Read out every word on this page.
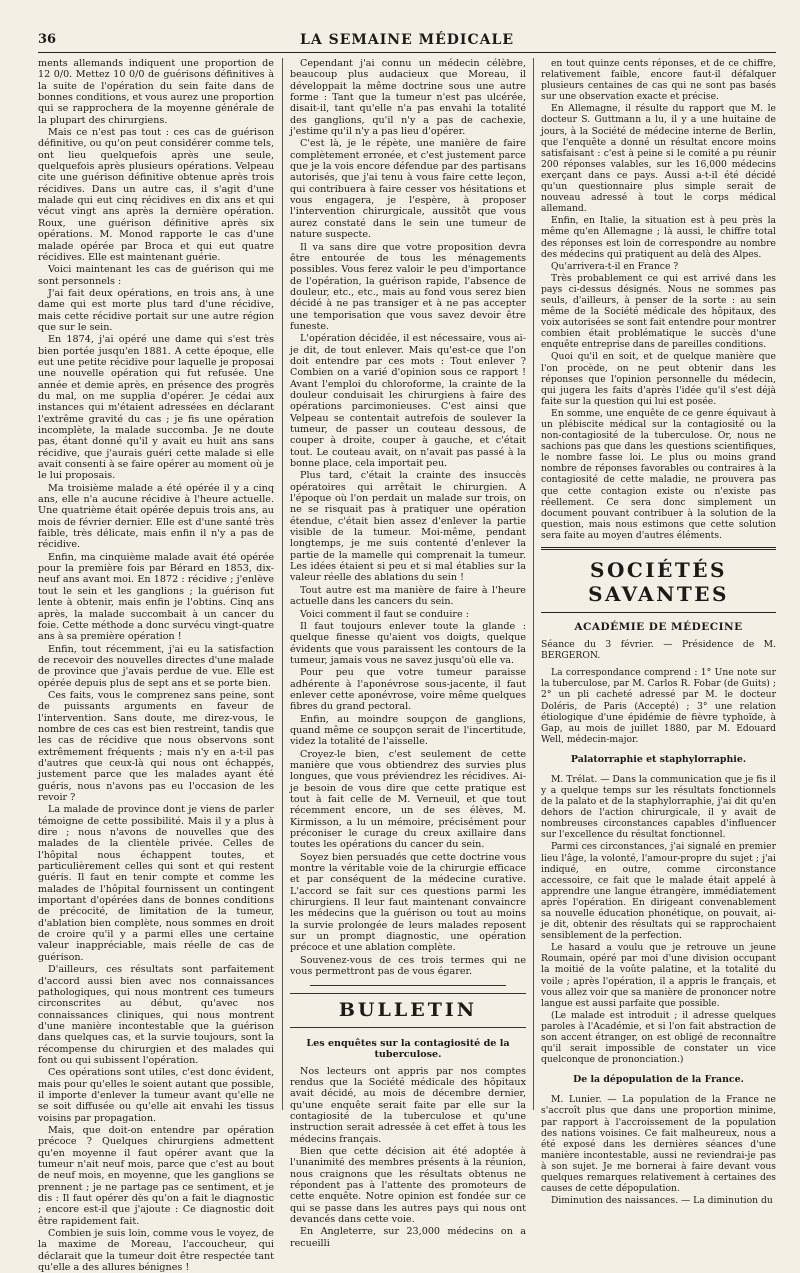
36	LA SEMAINE MÉDICALE

ments allemands indiquent une proportion de 12 0/0. Mettez 10 0/0 de guérisons définitives à la suite de l'opération du sein faite dans de bonnes conditions, et vous aurez une proportion qui se rapprochera de la moyenne générale de la plupart des chirurgiens.

Mais ce n'est pas tout : ces cas de guérison définitive, ou qu'on peut considérer comme tels, ont lieu quelquefois après une seule, quelquefois après plusieurs opérations. Velpeau cite une guérison définitive obtenue après trois récidives. Dans un autre cas, il s'agit d'une malade qui eut cinq récidives en dix ans et qui vécut vingt ans après la dernière opération. Roux, une guérison définitive après six opérations. M. Monod rapporte le cas d'une malade opérée par Broca et qui eut quatre récidives. Elle est maintenant guérie.

Voici maintenant les cas de guérison qui me sont personnels :

J'ai fait deux opérations, en trois ans, à une dame qui est morte plus tard d'une récidive, mais cette récidive portait sur une autre région que sur le sein.

En 1874, j'ai opéré une dame qui s'est très bien portée jusqu'en 1881. A cette époque, elle eut une petite récidive pour laquelle je proposai une nouvelle opération qui fut refusée. Une année et demie après, en présence des progrès du mal, on me supplia d'opérer. Je cédai aux instances qui m'étaient adressées en déclarant l'extrême gravité du cas ; je fis une opération incomplète, la malade succomba. Je ne doute pas, étant donné qu'il y avait eu huit ans sans récidive, que j'aurais guéri cette malade si elle avait consenti à se faire opérer au moment où je le lui proposais.

Ma troisième malade a été opérée il y a cinq ans, elle n'a aucune récidive à l'heure actuelle. Une quatrième était opérée depuis trois ans, au mois de février dernier. Elle est d'une santé très faible, très délicate, mais enfin il n'y a pas de récidive.

Enfin, ma cinquième malade avait été opérée pour la première fois par Bérard en 1853, dix-neuf ans avant moi. En 1872 : récidive ; j'enlève tout le sein et les ganglions ; la guérison fut lente à obtenir, mais enfin je l'obtins. Cinq ans après, la malade succombait à un cancer du foie. Cette méthode a donc survécu vingt-quatre ans à sa première opération !

Enfin, tout récemment, j'ai eu la satisfaction de recevoir des nouvelles directes d'une malade de province que j'avais perdue de vue. Elle est opérée depuis plus de sept ans et se porte bien.

Ces faits, vous le comprenez sans peine, sont de puissants arguments en faveur de l'intervention. Sans doute, me direz-vous, le nombre de ces cas est bien restreint, tandis que les cas de récidive que nous observons sont extrêmement fréquents ; mais n'y en a-t-il pas d'autres que ceux-là qui nous ont échappés, justement parce que les malades ayant été guéris, nous n'avons pas eu l'occasion de les revoir ?

La malade de province dont je viens de parler témoigne de cette possibilité. Mais il y a plus à dire ; nous n'avons de nouvelles que des malades de la clientèle privée. Celles de l'hôpital nous échappent toutes, et particulièrement celles qui sont et qui restent guéris. Il faut en tenir compte et comme les malades de l'hôpital fournissent un contingent important d'opérées dans de bonnes conditions de précocité, de limitation de la tumeur, d'ablation bien complète, nous sommes en droit de croire qu'il y a parmi elles une certaine valeur inappréciable, mais réelle de cas de guérison.

D'ailleurs, ces résultats sont parfaitement d'accord aussi bien avec nos connaissances pathologiques, qui nous montrent ces tumeurs circonscrites au début, qu'avec nos connaissances cliniques, qui nous montrent d'une manière incontestable que la guérison dans quelques cas, et la survie toujours, sont la récompense du chirurgien et des malades qui font ou qui subissent l'opération.

Ces opérations sont utiles, c'est donc évident, mais pour qu'elles le soient autant que possible, il importe d'enlever la tumeur avant qu'elle ne se soit diffusée ou qu'elle ait envahi les tissus voisins par propagation.

Mais, que doit-on entendre par opération précoce ? Quelques chirurgiens admettent qu'en moyenne il faut opérer avant que la tumeur n'ait neuf mois, parce que c'est au bout de neuf mois, en moyenne, que les ganglions se prennent ; je ne partage pas ce sentiment, et je dis : Il faut opérer dès qu'on a fait le diagnostic ; encore est-il que j'ajoute : Ce diagnostic doit être rapidement fait.

Combien je suis loin, comme vous le voyez, de la maxime de Moreau, l'accoucheur, qui déclarait que la tumeur doit être respectée tant qu'elle a des allures bénignes !

Cependant j'ai connu un médecin célèbre, beaucoup plus audacieux que Moreau, il développait la même doctrine sous une autre forme : Tant que la tumeur n'est pas ulcérée, disait-il, tant qu'elle n'a pas envahi la totalité des ganglions, qu'il n'y a pas de cachexie, j'estime qu'il n'y a pas lieu d'opérer.

C'est là, je le répète, une manière de faire complètement erronée, et c'est justement parce que je la vois encore défendue par des partisans autorisés, que j'ai tenu à vous faire cette leçon, qui contribuera à faire cesser vos hésitations et vous engagera, je l'espère, à proposer l'intervention chirurgicale, aussitôt que vous aurez constaté dans le sein une tumeur de nature suspecte.

Il va sans dire que votre proposition devra être entourée de tous les ménagements possibles. Vous ferez valoir le peu d'importance de l'opération, la guérison rapide, l'absence de douleur, etc., etc., mais au fond vous serez bien décidé à ne pas transiger et à ne pas accepter une temporisation que vous savez devoir être funeste.

L'opération décidée, il est nécessaire, vous ai-je dit, de tout enlever. Mais qu'est-ce que l'on doit entendre par ces mots : Tout enlever ? Combien on a varié d'opinion sous ce rapport ! Avant l'emploi du chloroforme, la crainte de la douleur conduisait les chirurgiens à faire des opérations parcimonieuses. C'est ainsi que Velpeau se contentait autrefois de soulever la tumeur, de passer un couteau dessous, de couper à droite, couper à gauche, et c'était tout. Le couteau avait, on n'avait pas passé à la bonne place, cela importait peu.

Plus tard, c'était la crainte des insuccès opératoires qui arrêtait le chirurgien. A l'époque où l'on perdait un malade sur trois, on ne se risquait pas à pratiquer une opération étendue, c'était bien assez d'enlever la partie visible de la tumeur. Moi-même, pendant longtemps, je me suis contenté d'enlever la partie de la mamelle qui comprenait la tumeur. Les idées étaient si peu et si mal établies sur la valeur réelle des ablations du sein !

Tout autre est ma manière de faire à l'heure actuelle dans les cancers du sein.

Voici comment il faut se conduire :

Il faut toujours enlever toute la glande : quelque finesse qu'aient vos doigts, quelque évidents que vous paraissent les contours de la tumeur, jamais vous ne savez jusqu'où elle va.

Pour peu que votre tumeur paraisse adhérente à l'aponévrose sous-jacente, il faut enlever cette aponévrose, voire même quelques fibres du grand pectoral.

Enfin, au moindre soupçon de ganglions, quand même ce soupçon serait de l'incertitude, videz la totalité de l'aisselle.

Croyez-le bien, c'est seulement de cette manière que vous obtiendrez des survies plus longues, que vous préviendrez les récidives. Ai-je besoin de vous dire que cette pratique est tout à fait celle de M. Verneuil, et que tout récemment encore, un de ses élèves, M. Kirmisson, a lu un mémoire, précisément pour préconiser le curage du creux axillaire dans toutes les opérations du cancer du sein.

Soyez bien persuadés que cette doctrine vous montre la véritable voie de la chirurgie efficace et par conséquent de la médecine curative. L'accord se fait sur ces questions parmi les chirurgiens. Il leur faut maintenant convaincre les médecins que la guérison ou tout au moins la survie prolongée de leurs malades reposent sur un prompt diagnostic, une opération précoce et une ablation complète.

Souvenez-vous de ces trois termes qui ne vous permettront pas de vous égarer.

BULLETIN
Les enquêtes sur la contagiosité de la tuberculose.

Nos lecteurs ont appris par nos comptes rendus que la Société médicale des hôpitaux avait décidé, au mois de décembre dernier, qu'une enquête serait faite par elle sur la contagiosité de la tuberculose et qu'une instruction serait adressée à cet effet à tous les médecins français.

Bien que cette décision ait été adoptée à l'unanimité des membres présents à la réunion, nous craignons que les résultats obtenus ne répondent pas à l'attente des promoteurs de cette enquête. Notre opinion est fondée sur ce qui se passe dans les autres pays qui nous ont devancés dans cette voie.

En Angleterre, sur 23,000 médecins on a recueilli

en tout quinze cents réponses, et de ce chiffre, relativement faible, encore faut-il défalquer plusieurs centaines de cas qui ne sont pas basés sur une observation exacte et précise.

En Allemagne, il résulte du rapport que M. le docteur S. Guttmann a lu, il y a une huitaine de jours, à la Société de médecine interne de Berlin, que l'enquête a donné un résultat encore moins satisfaisant : c'est à peine si le comité a pu réunir 200 réponses valables, sur les 16,000 médecins exerçant dans ce pays. Aussi a-t-il été décidé qu'un questionnaire plus simple serait de nouveau adressé à tout le corps médical allemand.

Enfin, en Italie, la situation est à peu près la même qu'en Allemagne ; là aussi, le chiffre total des réponses est loin de correspondre au nombre des médecins qui pratiquent au delà des Alpes.

Qu'arrivera-t-il en France ?

Très probablement ce qui est arrivé dans les pays ci-dessus désignés. Nous ne sommes pas seuls, d'ailleurs, à penser de la sorte : au sein même de la Société médicale des hôpitaux, des voix autorisées se sont fait entendre pour montrer combien était problématique le succès d'une enquête entreprise dans de pareilles conditions.

Quoi qu'il en soit, et de quelque manière que l'on procède, on ne peut obtenir dans les réponses que l'opinion personnelle du médecin, qui jugera les faits d'après l'idée qu'il s'est déjà faite sur la question qui lui est posée.

En somme, une enquête de ce genre équivaut à un plébiscite médical sur la contagiosité ou la non-contagiosité de la tuberculose. Or, nous ne sachions pas que dans les questions scientifiques, le nombre fasse loi. Le plus ou moins grand nombre de réponses favorables ou contraires à la contagiosité de cette maladie, ne prouvera pas que cette contagion existe ou n'existe pas réellement. Ce sera donc simplement un document pouvant contribuer à la solution de la question, mais nous estimons que cette solution sera faite au moyen d'autres éléments.

SOCIÉTÉS SAVANTES
ACADÉMIE DE MÉDECINE

Séance du 3 février. — Présidence de M. BERGERON.

La correspondance comprend : 1° Une note sur la tuberculose, par M. Carlos R. Fobar (de Guits) ; 2° un pli cacheté adressé par M. le docteur Doléris, de Paris (Accepté) ; 3° une relation étiologique d'une épidémie de fièvre typhoïde, à Gap, au mois de juillet 1880, par M. Edouard Well, médecin-major.

Palatorraphie et staphylorraphie.

M. Trélat. — Dans la communication que je fis il y a quelque temps sur les résultats fonctionnels de la palato et de la staphylorraphie, j'ai dit qu'en dehors de l'action chirurgicale, il y avait de nombreuses circonstances capables d'influencer sur l'excellence du résultat fonctionnel.

Parmi ces circonstances, j'ai signalé en premier lieu l'âge, la volonté, l'amour-propre du sujet ; j'ai indiqué, en outre, comme circonstance accessoire, ce fait que le malade était appelé à apprendre une langue étrangère, immédiatement après l'opération. En dirigeant convenablement sa nouvelle éducation phonétique, on pouvait, ai-je dit, obtenir des résultats qui se rapprochaient sensiblement de la perfection.

Le hasard a voulu que je retrouve un jeune Roumain, opéré par moi d'une division occupant la moitié de la voûte palatine, et la totalité du voile ; après l'opération, il a appris le français, et vous allez voir que sa manière de prononcer notre langue est aussi parfaite que possible.

(Le malade est introduit ; il adresse quelques paroles à l'Académie, et si l'on fait abstraction de son accent étranger, on est obligé de reconnaître qu'il serait impossible de constater un vice quelconque de prononciation.)

De la dépopulation de la France.

M. Lunier. — La population de la France ne s'accroît plus que dans une proportion minime, par rapport à l'accroissement de la population des nations voisines. Ce fait malheureux, nous a été exposé dans les dernières séances d'une manière incontestable, aussi ne reviendrai-je pas à son sujet. Je me bornerai à faire devant vous quelques remarques relativement à certaines des causes de cette dépopulation.

Diminution des naissances. — La diminution du
